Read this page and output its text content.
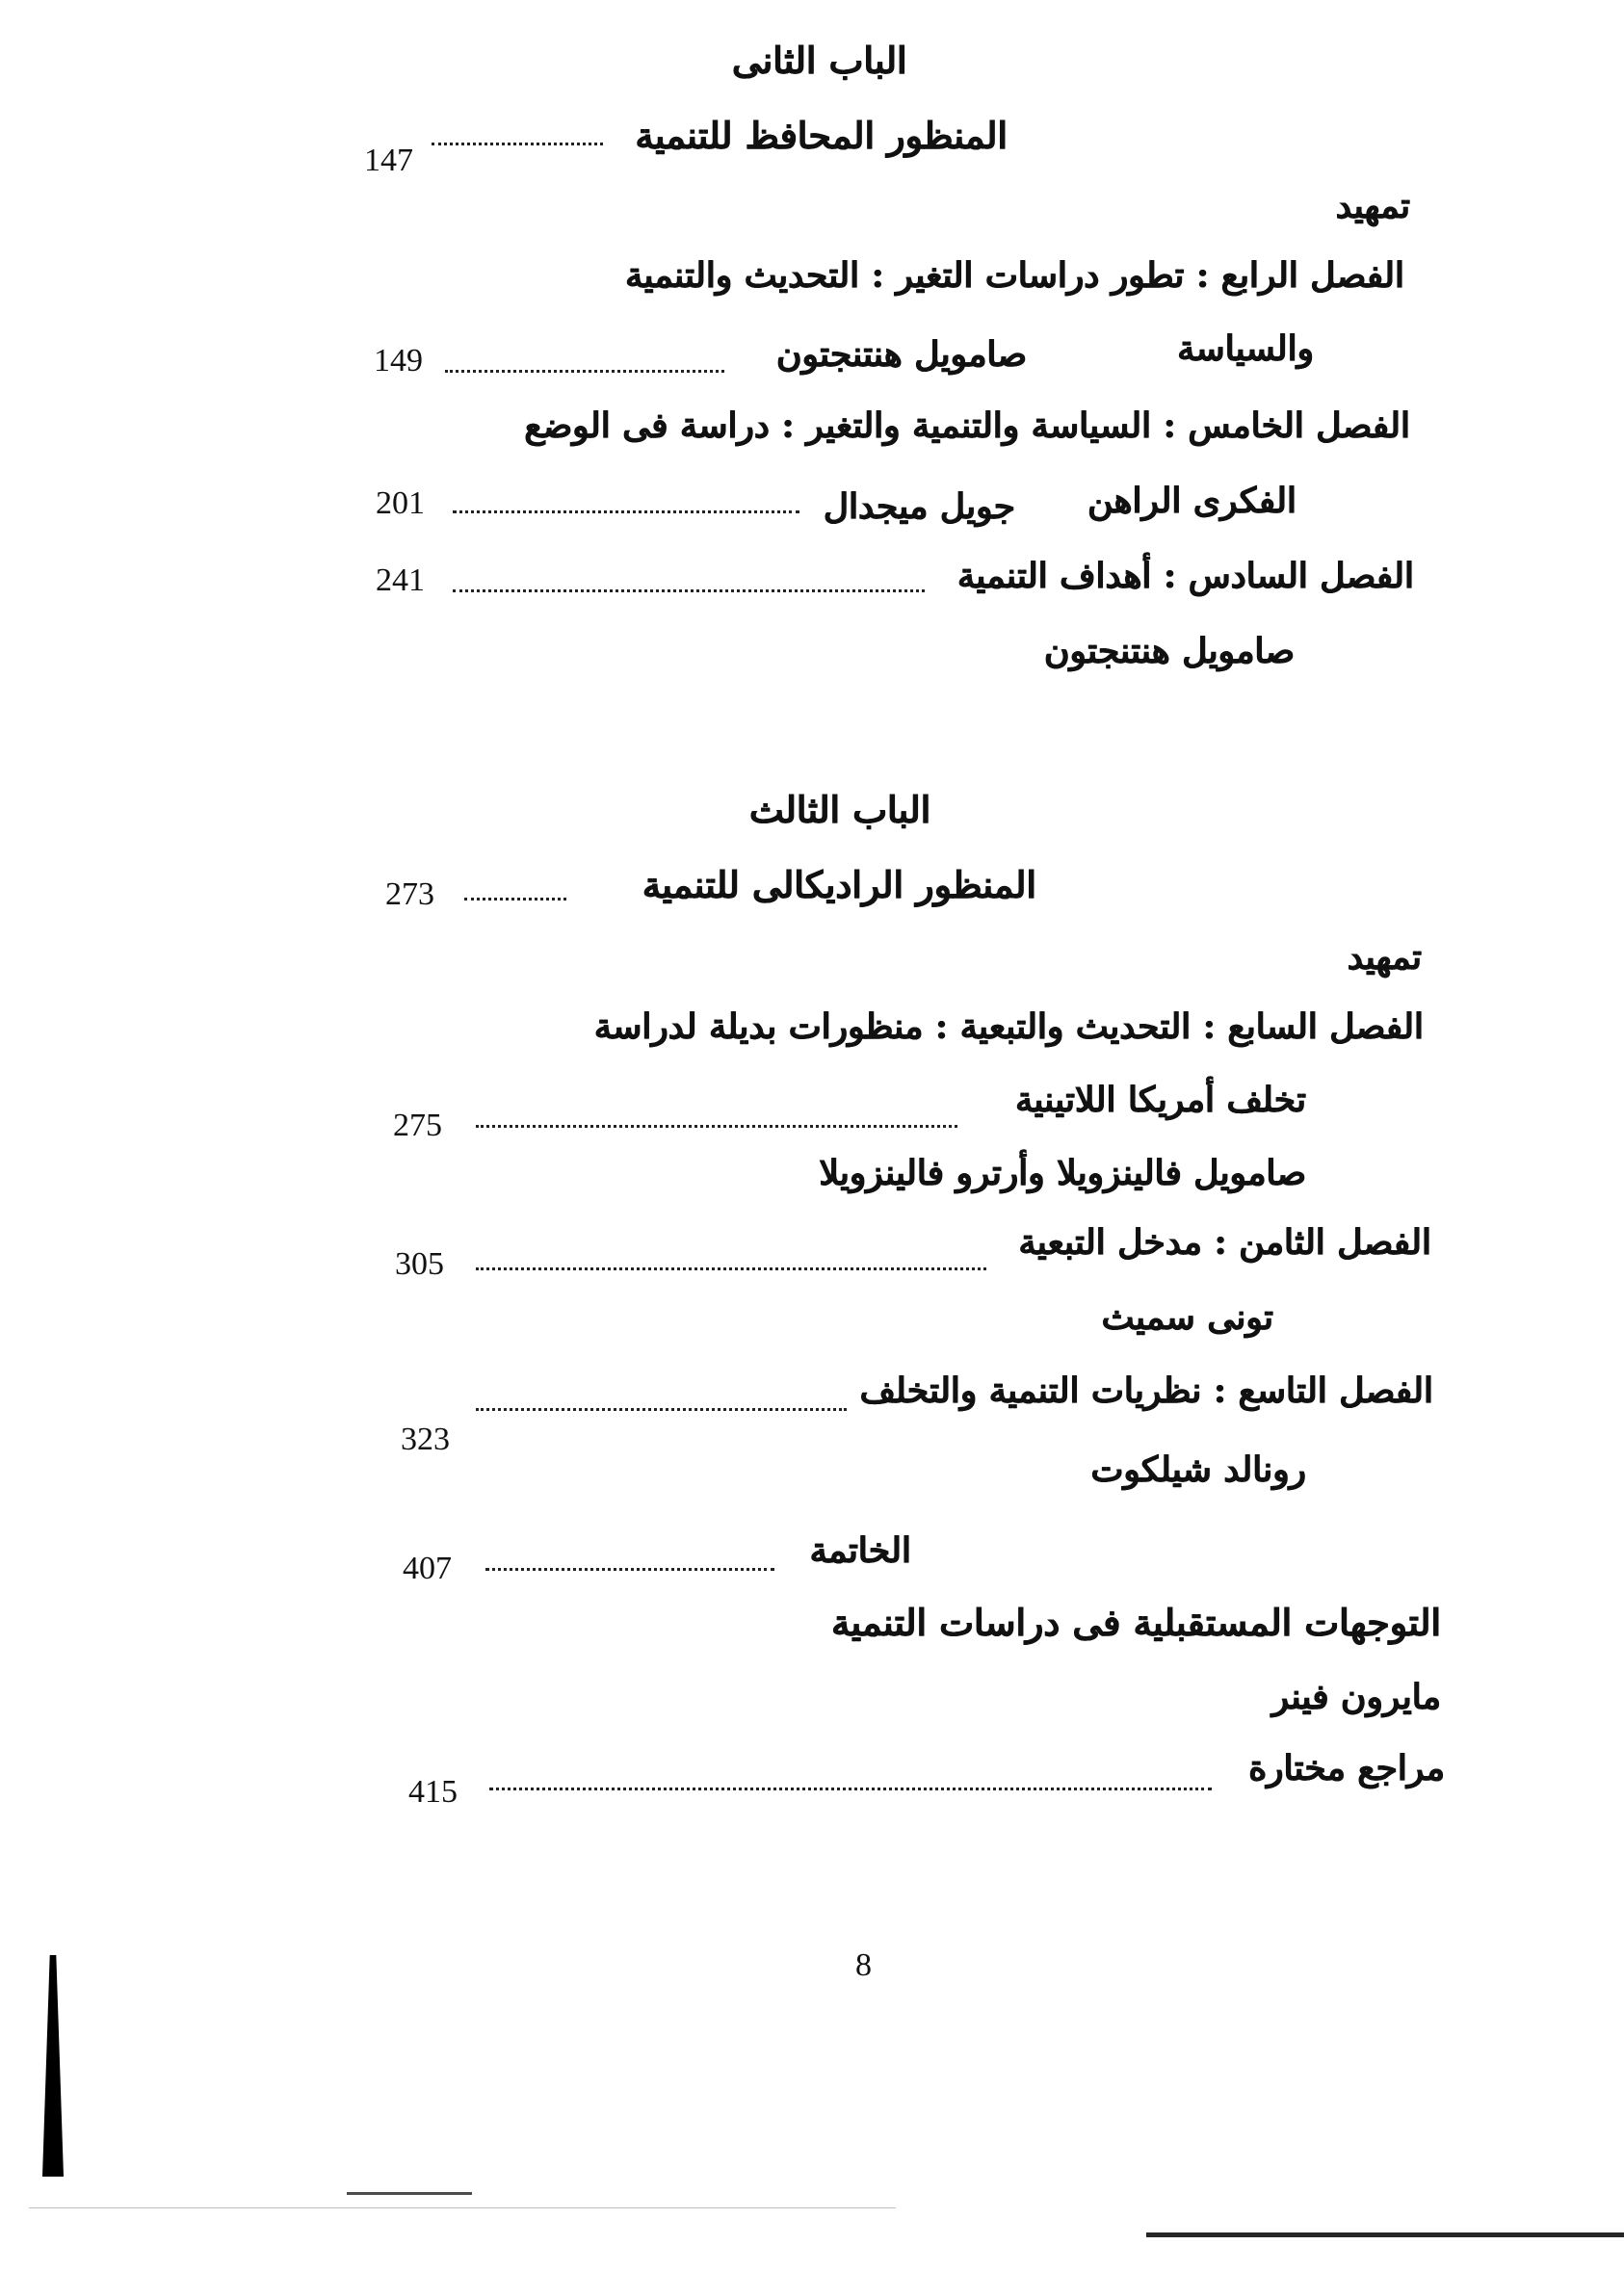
الباب الثانى
المنظور المحافظ للتنمية
147
تمهيد
الفصل الرابع : تطور دراسات التغير : التحديث والتنمية
والسياسة
صامويل هنتنجتون
149
الفصل الخامس : السياسة والتنمية والتغير : دراسة فى الوضع
الفكرى الراهن
جويل ميجدال
201
الفصل السادس : أهداف التنمية
241
صامويل هنتنجتون
الباب الثالث
المنظور الراديكالى للتنمية
273
تمهيد
الفصل السابع : التحديث والتبعية : منظورات بديلة لدراسة
تخلف أمريكا اللاتينية
275
صامويل فالينزويلا وأرترو فالينزويلا
الفصل الثامن : مدخل التبعية
305
تونى سميث
الفصل التاسع : نظريات التنمية والتخلف
323
رونالد شيلكوت
الخاتمة
407
التوجهات المستقبلية فى دراسات التنمية
مايرون فينر
مراجع مختارة
415
8
